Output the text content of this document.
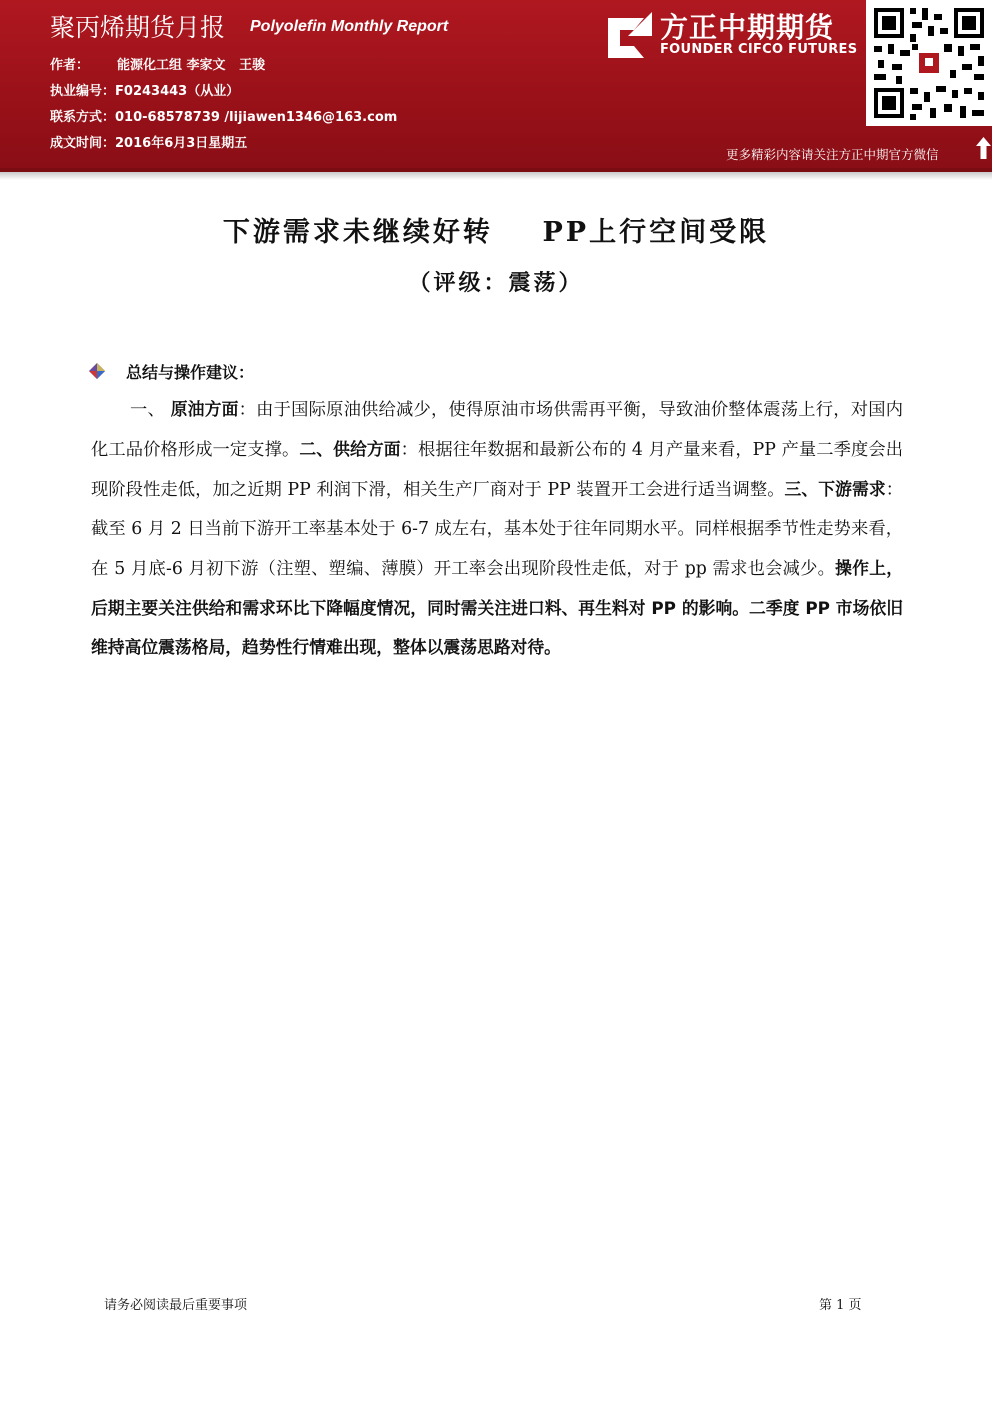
聚丙烯期货月报 Polyolefin Monthly Report
作者： 能源化工组 李家文   王骏
执业编号：F0243443（从业）
联系方式：010-68578739 /lijiawen1346@163.com
成文时间：2016年6月3日星期五
方正中期期货
FOUNDER CIFCO FUTURES
更多精彩内容请关注方正中期官方微信
下游需求未继续好转    PP上行空间受限
（评级：震荡）
总结与操作建议：
一、 原油方面：由于国际原油供给减少，使得原油市场供需再平衡，导致油价整体震荡上行，对国内化工品价格形成一定支撑。二、供给方面：根据往年数据和最新公布的 4 月产量来看，PP 产量二季度会出现阶段性走低，加之近期 PP 利润下滑，相关生产厂商对于 PP 装置开工会进行适当调整。三、下游需求：截至 6 月 2 日当前下游开工率基本处于 6-7 成左右，基本处于往年同期水平。同样根据季节性走势来看，在 5 月底-6 月初下游（注塑、塑编、薄膜）开工率会出现阶段性走低，对于 pp 需求也会减少。操作上，后期主要关注供给和需求环比下降幅度情况，同时需关注进口料、再生料对 PP 的影响。二季度 PP 市场依旧维持高位震荡格局，趋势性行情难出现，整体以震荡思路对待。
请务必阅读最后重要事项	第 1 页
